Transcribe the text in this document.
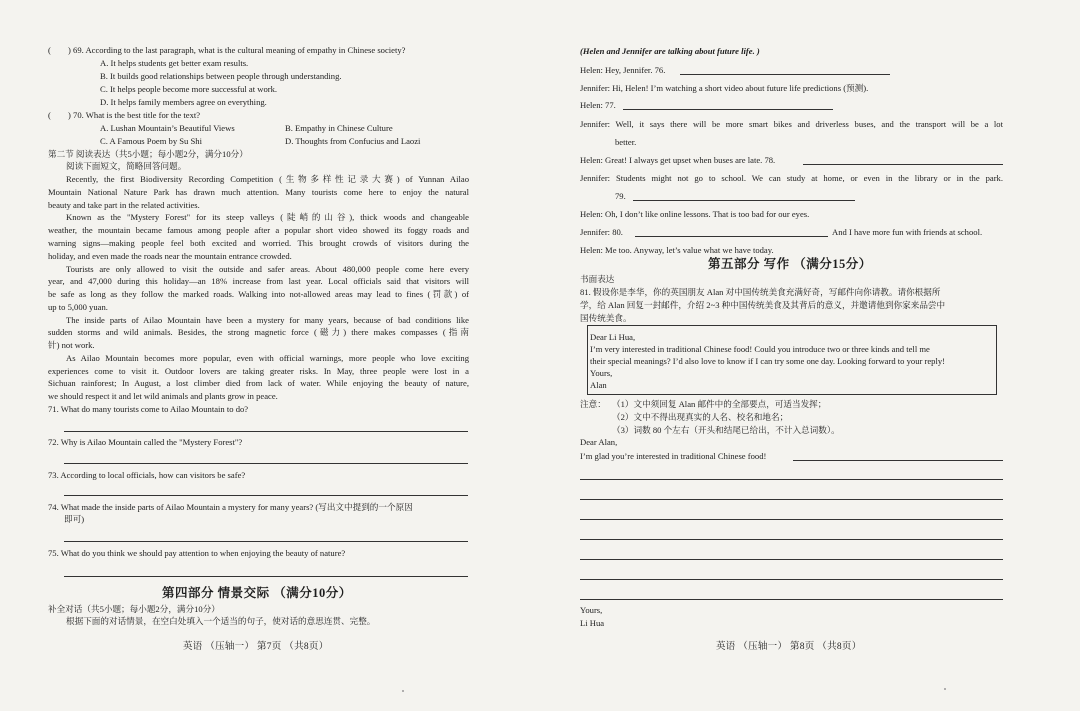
(　　) 69. According to the last paragraph, what is the cultural meaning of empathy in Chinese society?
A. It helps students get better exam results.
B. It builds good relationships between people through understanding.
C. It helps people become more successful at work.
D. It helps family members agree on everything.
(　　) 70. What is the best title for the text?
A. Lushan Mountain’s Beautiful Views	B. Empathy in Chinese Culture
C. A Famous Poem by Su Shi	D. Thoughts from Confucius and Laozi
第二节 阅读表达（共5小题；每小题2分，满分10分）
阅读下面短文，简略回答问题。
Recently, the first Biodiversity Recording Competition (生物多样性记录大赛) of Yunnan Ailao
Mountain National Nature Park has drawn much attention. Many tourists come here to enjoy the natural
beauty and take part in the related activities.
Known as the "Mystery Forest" for its steep valleys (陡峭的山谷), thick woods and changeable
weather, the mountain became famous among people after a popular short video showed its foggy roads and
warning signs—making people feel both excited and worried. This brought crowds of visitors during the
holiday, and even made the roads near the mountain entrance crowded.
Tourists are only allowed to visit the outside and safer areas. About 480,000 people come here every
year, and 47,000 during this holiday—an 18% increase from last year. Local officials said that visitors will
be safe as long as they follow the marked roads. Walking into not-allowed areas may lead to fines (罚款) of
up to 5,000 yuan.
The inside parts of Ailao Mountain have been a mystery for many years, because of bad conditions like
sudden storms and wild animals. Besides, the strong magnetic force (磁力) there makes compasses (指南
针) not work.
As Ailao Mountain becomes more popular, even with official warnings, more people who love exciting
experiences come to visit it. Outdoor lovers are taking greater risks. In May, three people were lost in a
Sichuan rainforest; In August, a lost climber died from lack of water. While enjoying the beauty of nature,
we should respect it and let wild animals and plants grow in peace.
71. What do many tourists come to Ailao Mountain to do?
72. Why is Ailao Mountain called the "Mystery Forest"?
73. According to local officials, how can visitors be safe?
74. What made the inside parts of Ailao Mountain a mystery for many years? (写出文中提到的一个原因
即可)
75. What do you think we should pay attention to when enjoying the beauty of nature?
第四部分 情景交际 （满分10分）
补全对话（共5小题；每小题2分，满分10分）
根据下面的对话情景，在空白处填入一个适当的句子，使对话的意思连贯、完整。
英语 （压轴一） 第7页 （共8页）
(Helen and Jennifer are talking about future life. )
Helen: Hey, Jennifer. 76.
Jennifer: Hi, Helen! I’m watching a short video about future life predictions (预测).
Helen: 77.
Jennifer: Well, it says there will be more smart bikes and driverless buses, and the transport will be a lot
better.
Helen: Great! I always get upset when buses are late. 78.
Jennifer: Students might not go to school. We can study at home, or even in the library or in the park.
79.
Helen: Oh, I don’t like online lessons. That is too bad for our eyes.
Jennifer: 80.	And I have more fun with friends at school.
Helen: Me too. Anyway, let’s value what we have today.
第五部分 写作 （满分15分）
书面表达
81. 假设你是李华，你的英国朋友 Alan 对中国传统美食充满好奇，写邮件向你请教。请你根据所
学，给 Alan 回复一封邮件，介绍 2~3 种中国传统美食及其背后的意义，并邀请他到你家来品尝中
国传统美食。
Dear Li Hua,
I’m very interested in traditional Chinese food! Could you introduce two or three kinds and tell me
their special meanings? I’d also love to know if I can try some one day. Looking forward to your reply!
Yours,
Alan
注意： （1）文中须回复 Alan 邮件中的全部要点，可适当发挥；
（2）文中不得出现真实的人名、校名和地名；
（3）词数 80 个左右（开头和结尾已给出，不计入总词数）。
Dear Alan,
I’m glad you’re interested in traditional Chinese food!
Yours,
Li Hua
英语 （压轴一） 第8页 （共8页）
